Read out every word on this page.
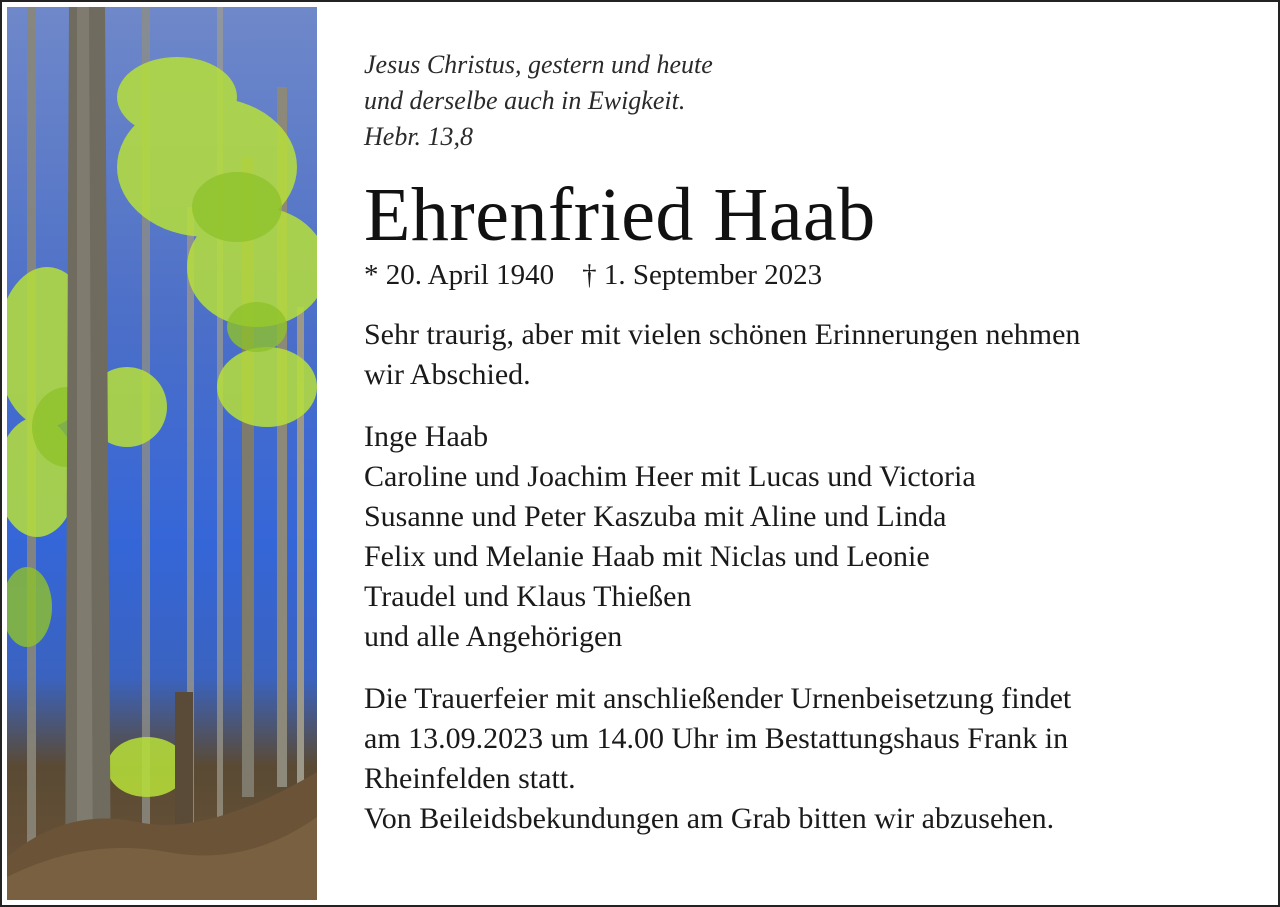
Jesus Christus, gestern und heute
und derselbe auch in Ewigkeit.
Hebr. 13,8
Ehrenfried Haab
* 20. April 1940 † 1. September 2023
Sehr traurig, aber mit vielen schönen Erinnerungen nehmen
wir Abschied.
Inge Haab
Caroline und Joachim Heer mit Lucas und Victoria
Susanne und Peter Kaszuba mit Aline und Linda
Felix und Melanie Haab mit Niclas und Leonie
Traudel und Klaus Thießen
und alle Angehörigen
Die Trauerfeier mit anschließender Urnenbeisetzung findet
am 13.09.2023 um 14.00 Uhr im Bestattungshaus Frank in
Rheinfelden statt.
Von Beileidsbekundungen am Grab bitten wir abzusehen.
